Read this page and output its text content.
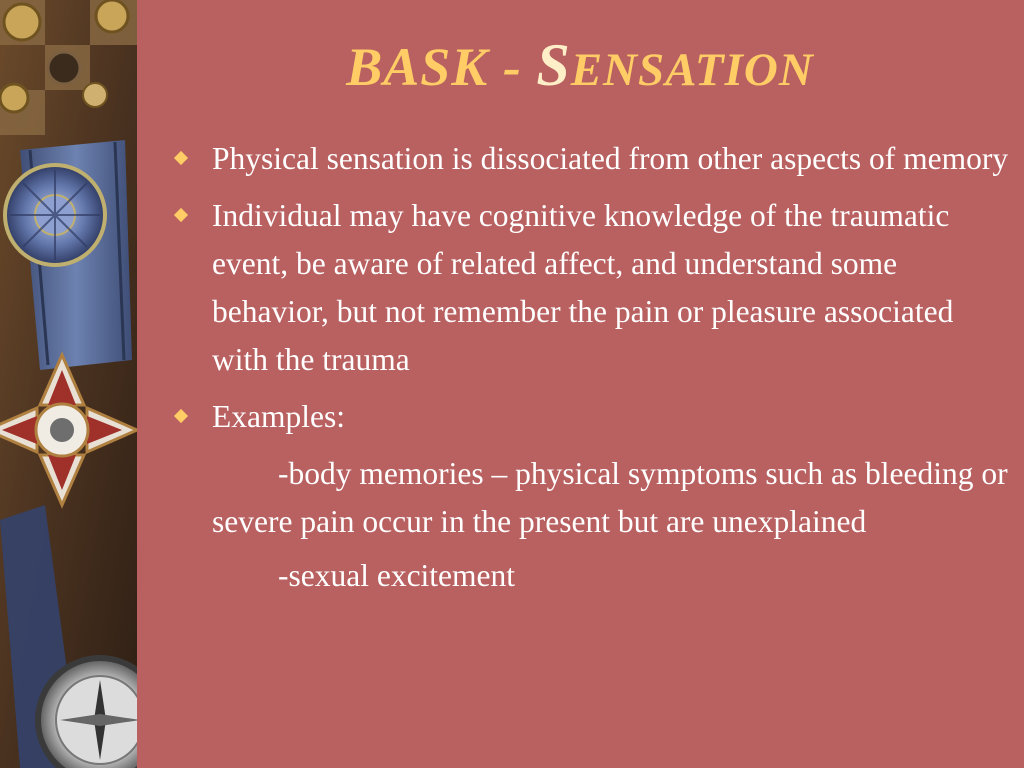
BASK - SENSATION
Physical sensation is dissociated from other aspects of memory
Individual may have cognitive knowledge of the traumatic event, be aware of related affect, and understand some behavior, but not remember the pain or pleasure associated with the trauma
Examples:
-body memories – physical symptoms such as bleeding or severe pain occur in the present but are unexplained
-sexual excitement
